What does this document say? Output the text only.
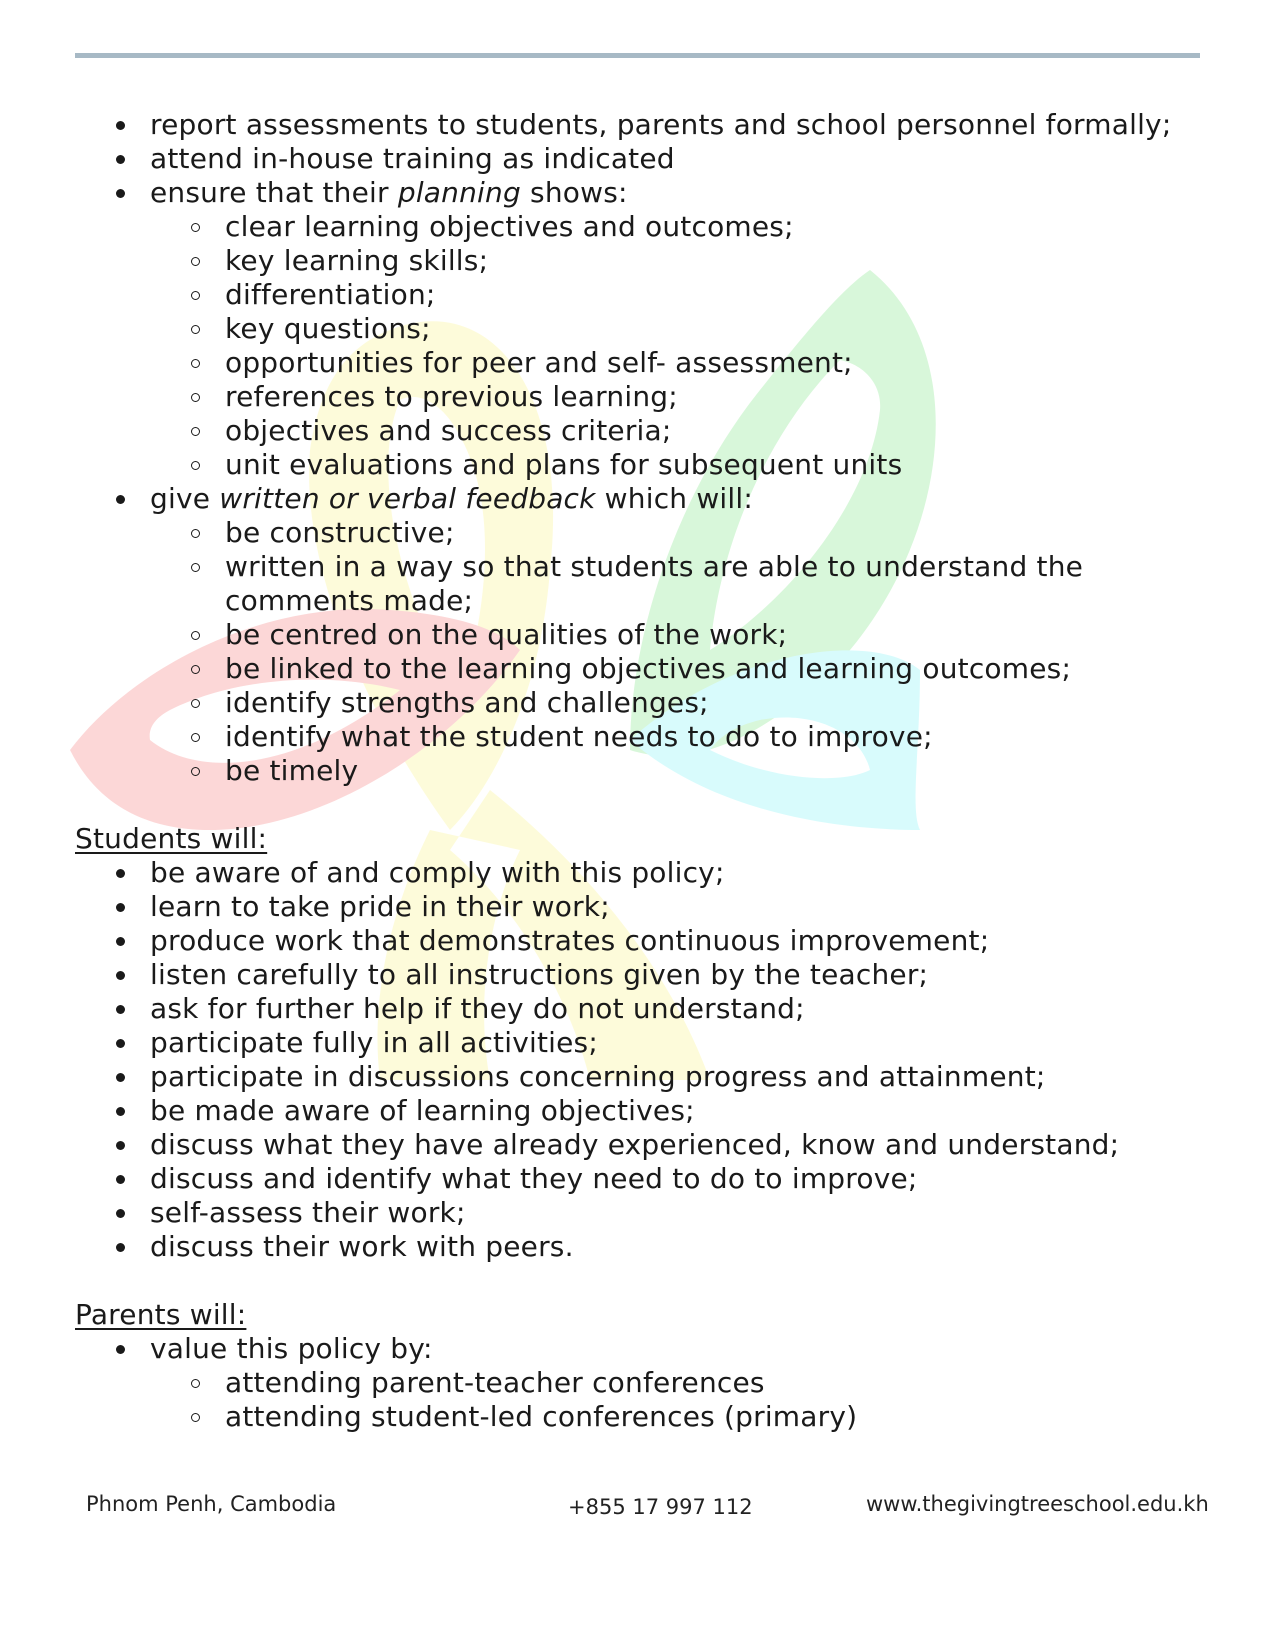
report assessments to students, parents and school personnel formally;
attend in-house training as indicated
ensure that their planning shows:
clear learning objectives and outcomes;
key learning skills;
differentiation;
key questions;
opportunities for peer and self- assessment;
references to previous learning;
objectives and success criteria;
unit evaluations and plans for subsequent units
give written or verbal feedback which will:
be constructive;
written in a way so that students are able to understand the comments made;
be centred on the qualities of the work;
be linked to the learning objectives and learning outcomes;
identify strengths and challenges;
identify what the student needs to do to improve;
be timely

Students will:

be aware of and comply with this policy;
learn to take pride in their work;
produce work that demonstrates continuous improvement;
listen carefully to all instructions given by the teacher;
ask for further help if they do not understand;
participate fully in all activities;
participate in discussions concerning progress and attainment;
be made aware of learning objectives;
discuss what they have already experienced, know and understand;
discuss and identify what they need to do to improve;
self-assess their work;
discuss their work with peers.

Parents will:

value this policy by:
attending parent-teacher conferences
attending student-led conferences (primary)
Phnom Penh, Cambodia	+855 17 997 112	www.thegivingtreeschool.edu.kh
